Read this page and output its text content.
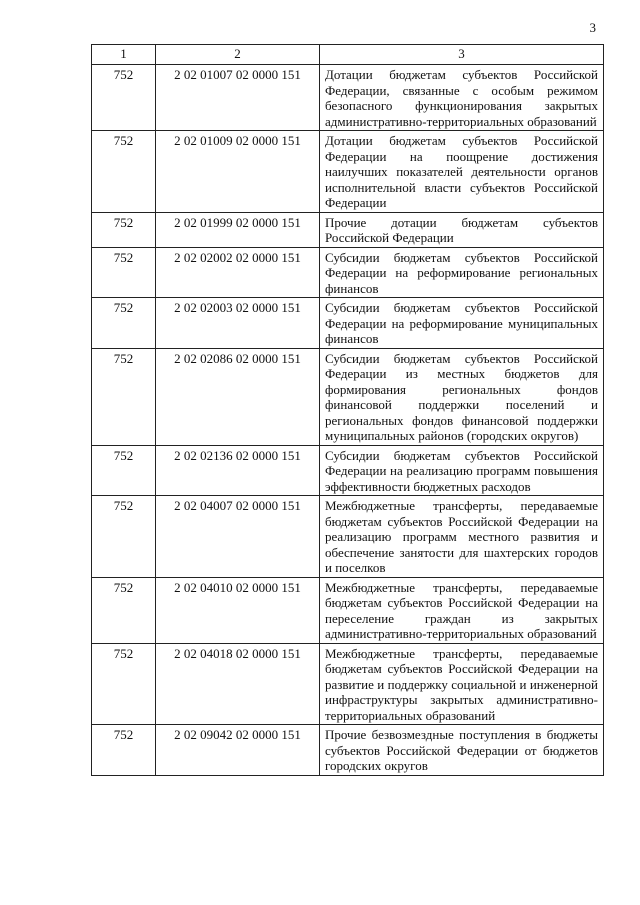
3
1	2	3
752	2 02 01007 02 0000 151	Дотации бюджетам субъектов Российской Федерации, связанные с особым режимом безопасного функционирования закрытых административно-территориальных образований
752	2 02 01009 02 0000 151	Дотации бюджетам субъектов Российской Федерации на поощрение достижения наилучших показателей деятельности органов исполнительной власти субъектов Российской Федерации
752	2 02 01999 02 0000 151	Прочие дотации бюджетам субъектов Российской Федерации
752	2 02 02002 02 0000 151	Субсидии бюджетам субъектов Российской Федерации на реформирование региональных финансов
752	2 02 02003 02 0000 151	Субсидии бюджетам субъектов Российской Федерации на реформирование муниципальных финансов
752	2 02 02086 02 0000 151	Субсидии бюджетам субъектов Российской Федерации из местных бюджетов для формирования региональных фондов финансовой поддержки поселений и региональных фондов финансовой поддержки муниципальных районов (городских округов)
752	2 02 02136 02 0000 151	Субсидии бюджетам субъектов Российской Федерации на реализацию программ повышения эффективности бюджетных расходов
752	2 02 04007 02 0000 151	Межбюджетные трансферты, передаваемые бюджетам субъектов Российской Федерации на реализацию программ местного развития и обеспечение занятости для шахтерских городов и поселков
752	2 02 04010 02 0000 151	Межбюджетные трансферты, передаваемые бюджетам субъектов Российской Федерации на переселение граждан из закрытых административно-территориальных образований
752	2 02 04018 02 0000 151	Межбюджетные трансферты, передаваемые бюджетам субъектов Российской Федерации на развитие и поддержку социальной и инженерной инфраструктуры закрытых административно-территориальных образований
752	2 02 09042 02 0000 151	Прочие безвозмездные поступления в бюджеты субъектов Российской Федерации от бюджетов городских округов
